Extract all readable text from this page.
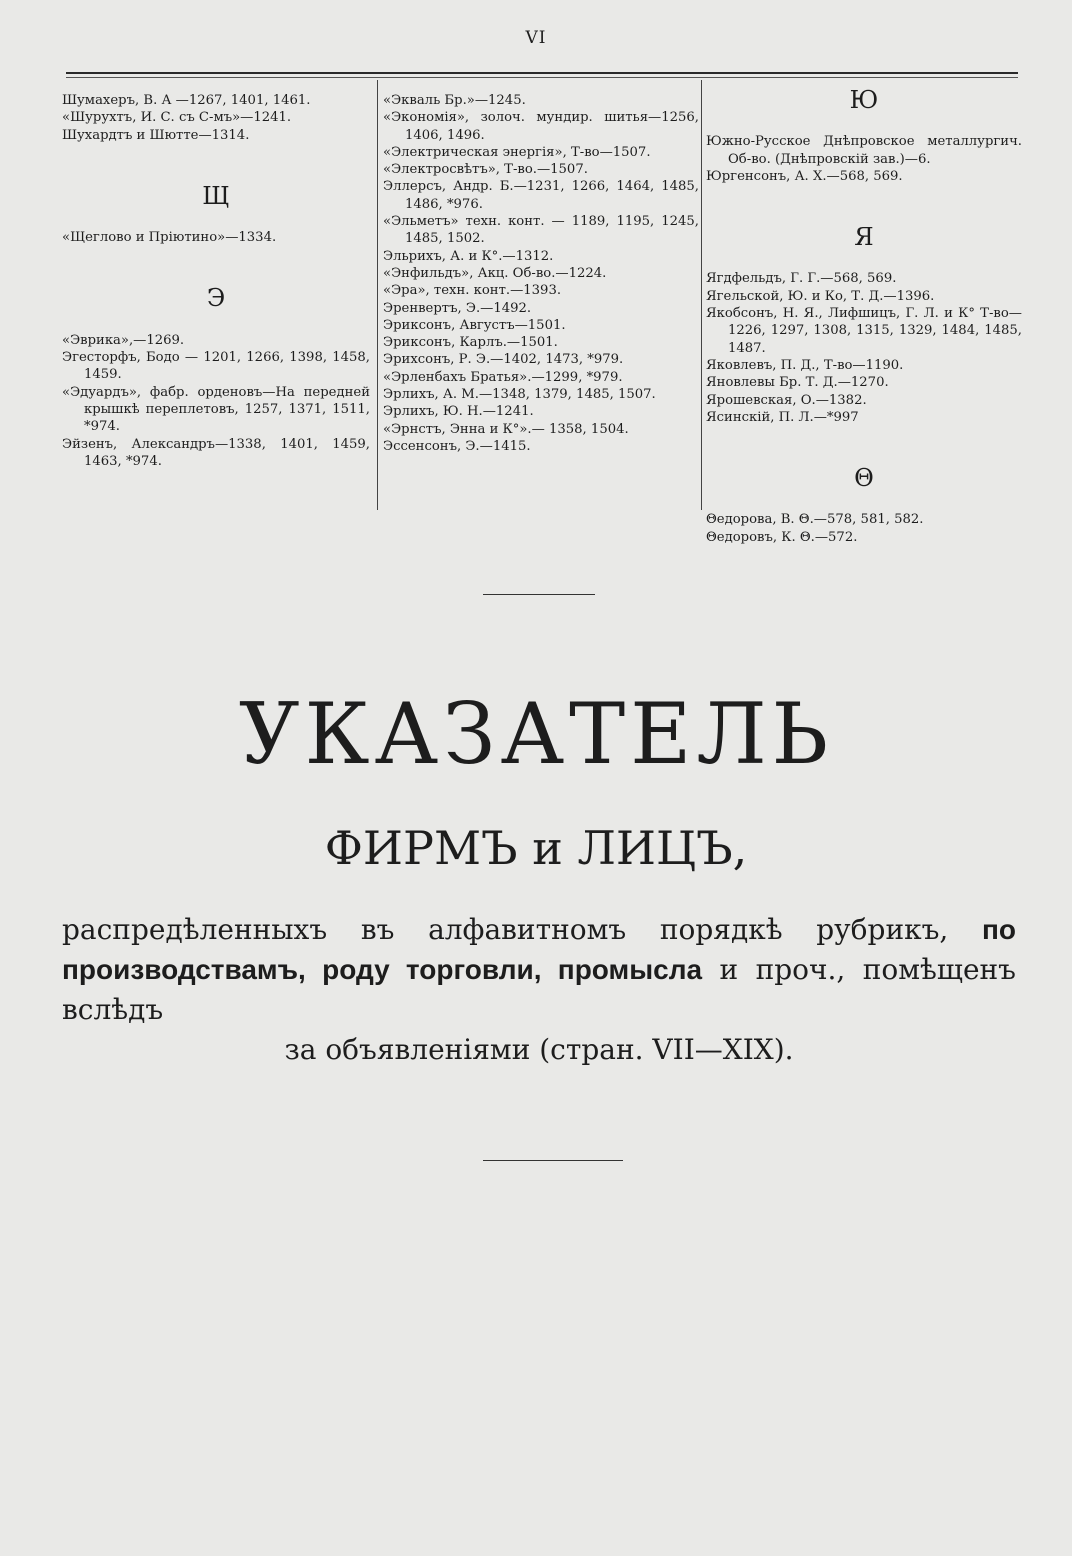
VI

Шумахеръ, В. А —1267, 1401, 1461.

«Шурухтъ, И. С. съ С-мъ»—1241.

Шухардтъ и Шютте—1314.

Щ

«Щеглово и Пріютино»—1334.

Э

«Эврика»,—1269.

Эгесторфъ, Бодо — 1201, 1266, 1398, 1458, 1459.

«Эдуардъ», фабр. орденовъ—На передней крышкѣ переплетовъ, 1257, 1371, 1511, *974.

Эйзенъ, Александръ—1338, 1401, 1459, 1463, *974.

«Экваль Бр.»—1245.

«Экономія», золоч. мундир. шитья—1256, 1406, 1496.

«Электрическая энергія», Т-во—1507.

«Электросвѣтъ», Т-во.—1507.

Эллерсъ, Андр. Б.—1231, 1266, 1464, 1485, 1486, *976.

«Эльметъ» техн. конт. — 1189, 1195, 1245, 1485, 1502.

Эльрихъ, А. и К°.—1312.

«Энфильдъ», Акц. Об-во.—1224.

«Эра», техн. конт.—1393.

Эренвертъ, Э.—1492.

Эриксонъ, Августъ—1501.

Эриксонъ, Карлъ.—1501.

Эрихсонъ, Р. Э.—1402, 1473, *979.

«Эрленбахъ Братья».—1299, *979.

Эрлихъ, А. М.—1348, 1379, 1485, 1507.

Эрлихъ, Ю. Н.—1241.

«Эрнстъ, Энна и К°».— 1358, 1504.

Эссенсонъ, Э.—1415.

Ю

Южно-Русское Днѣпровское металлургич. Об-во. (Днѣпровскій зав.)—6.

Юргенсонъ, А. Х.—568, 569.

Я

Ягдфельдъ, Г. Г.—568, 569.

Ягельской, Ю. и Ко, Т. Д.—1396.

Якобсонъ, Н. Я., Лифшицъ, Г. Л. и К° Т-во—1226, 1297, 1308, 1315, 1329, 1484, 1485, 1487.

Яковлевъ, П. Д., Т-во—1190.

Яновлевы Бр. Т. Д.—1270.

Ярошевская, О.—1382.

Ясинскій, П. Л.—*997

Θ

Θедорова, В. Θ.—578, 581, 582.

Θедоровъ, К. Θ.—572.

УКАЗАТЕЛЬ
ФИРМЪ и ЛИЦЪ,

распредѣленныхъ въ алфавитномъ порядкѣ рубрикъ, по производствамъ, роду торговли, промысла и проч., помѣщенъ вслѣдъ
за объявленіями (стран. VII—XIX).
